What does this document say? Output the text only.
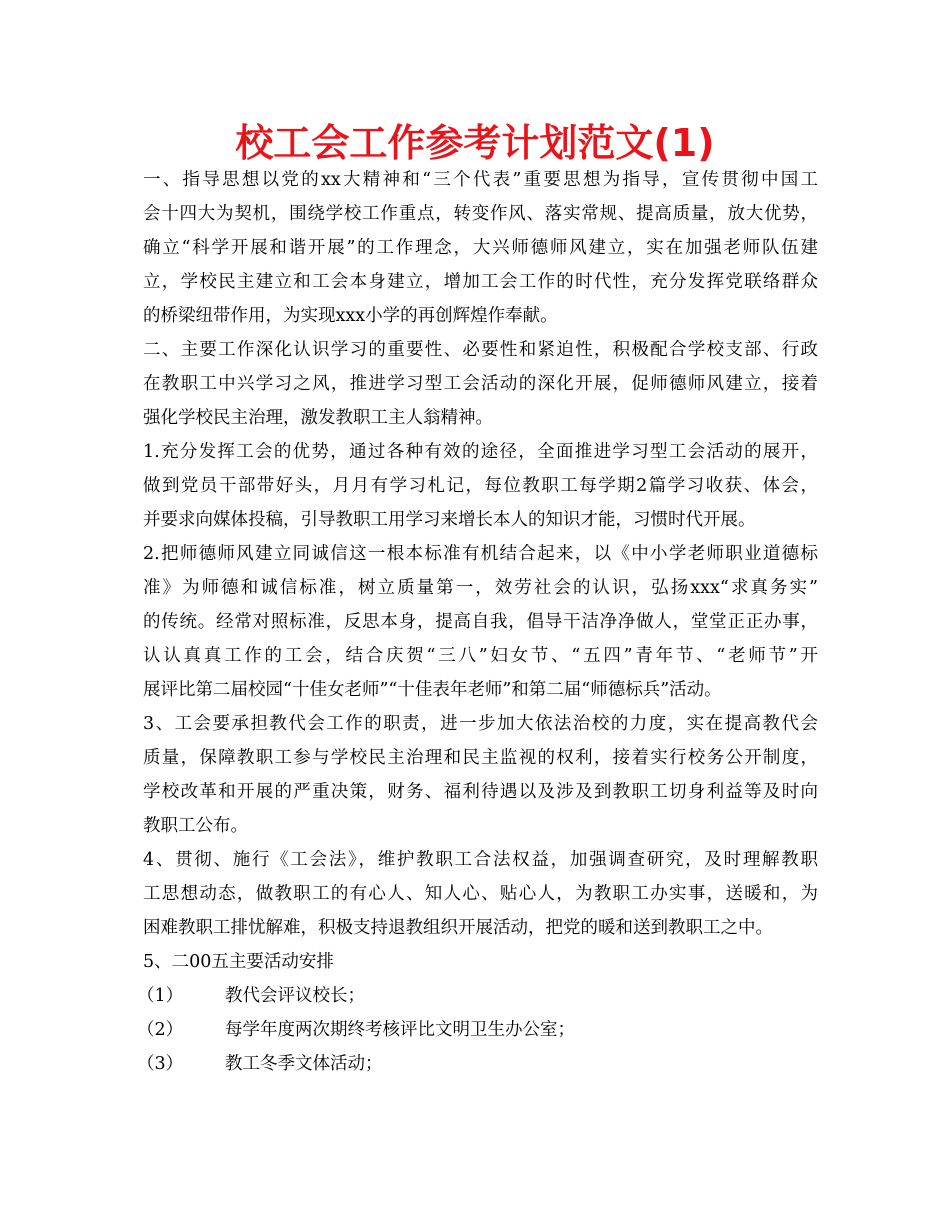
校工会工作参考计划范文(1)
一、指导思想以党的xx大精神和“三个代表”重要思想为指导，宣传贯彻中国工
会十四大为契机，围绕学校工作重点，转变作风、落实常规、提高质量，放大优势，
确立“科学开展和谐开展”的工作理念，大兴师德师风建立，实在加强老师队伍建
立，学校民主建立和工会本身建立，增加工会工作的时代性，充分发挥党联络群众
的桥梁纽带作用，为实现xxx小学的再创辉煌作奉献。
二、主要工作深化认识学习的重要性、必要性和紧迫性，积极配合学校支部、行政
在教职工中兴学习之风，推进学习型工会活动的深化开展，促师德师风建立，接着
强化学校民主治理，激发教职工主人翁精神。
1.充分发挥工会的优势，通过各种有效的途径，全面推进学习型工会活动的展开，
做到党员干部带好头，月月有学习札记，每位教职工每学期2篇学习收获、体会，
并要求向媒体投稿，引导教职工用学习来增长本人的知识才能，习惯时代开展。
2.把师德师风建立同诚信这一根本标准有机结合起来，以《中小学老师职业道德标
准》为师德和诚信标准，树立质量第一，效劳社会的认识，弘扬xxx“求真务实”
的传统。经常对照标准，反思本身，提高自我，倡导干洁净净做人，堂堂正正办事，
认认真真工作的工会，结合庆贺“三八”妇女节、“五四”青年节、“老师节”开
展评比第二届校园“十佳女老师”“十佳表年老师”和第二届“师德标兵”活动。
3、工会要承担教代会工作的职责，进一步加大依法治校的力度，实在提高教代会
质量，保障教职工参与学校民主治理和民主监视的权利，接着实行校务公开制度，
学校改革和开展的严重决策，财务、福利待遇以及涉及到教职工切身利益等及时向
教职工公布。
4、贯彻、施行《工会法》，维护教职工合法权益，加强调查研究，及时理解教职
工思想动态，做教职工的有心人、知人心、贴心人，为教职工办实事，送暖和，为
困难教职工排忧解难，积极支持退教组织开展活动，把党的暖和送到教职工之中。
5、二00五主要活动安排
（1） 教代会评议校长；
（2） 每学年度两次期终考核评比文明卫生办公室；
（3） 教工冬季文体活动；
